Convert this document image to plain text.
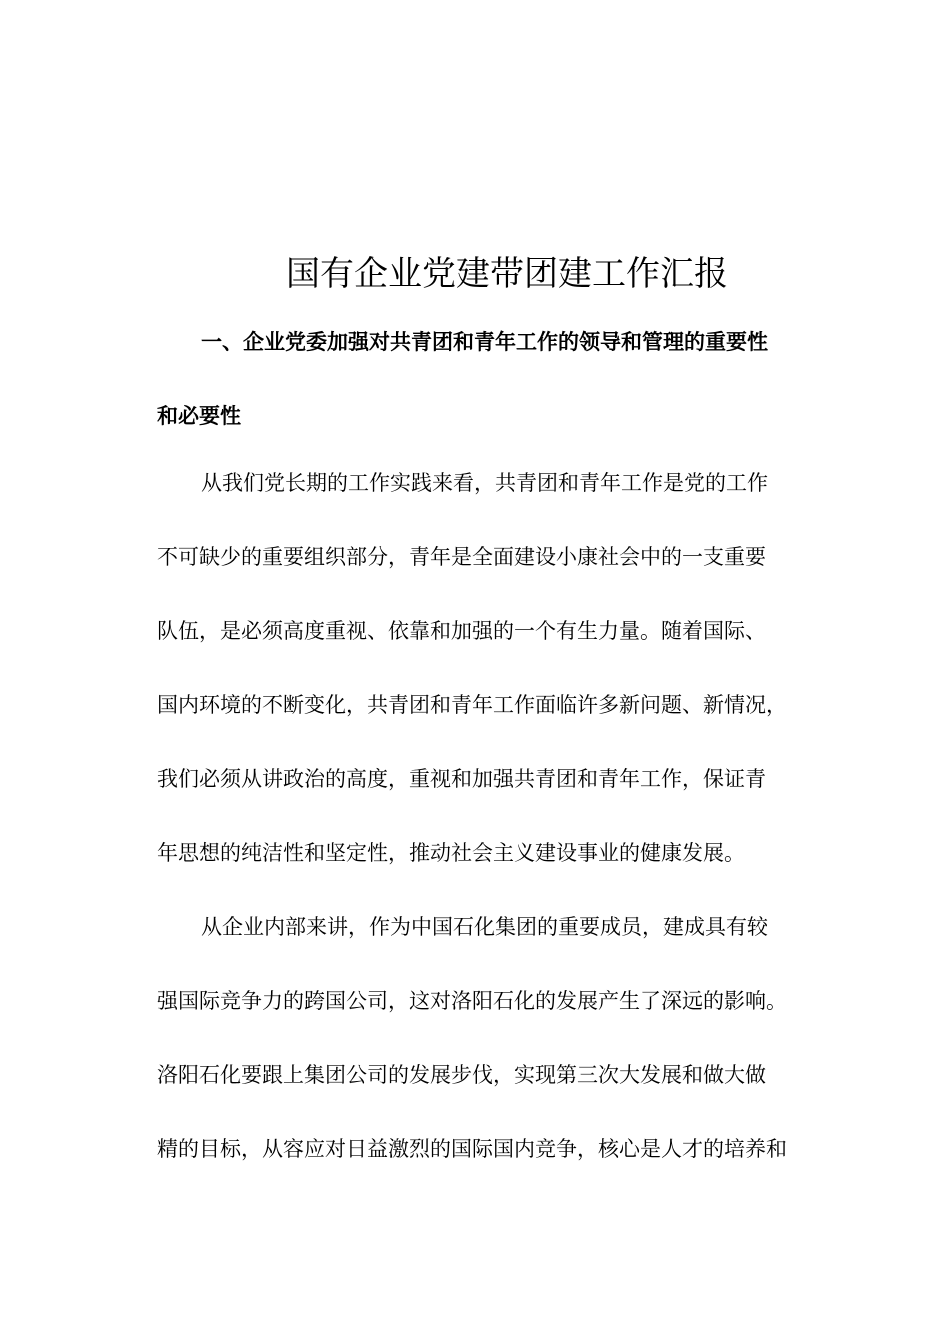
国有企业党建带团建工作汇报
一、企业党委加强对共青团和青年工作的领导和管理的重要性
和必要性
从我们党长期的工作实践来看，共青团和青年工作是党的工作
不可缺少的重要组织部分，青年是全面建设小康社会中的一支重要
队伍，是必须高度重视、依靠和加强的一个有生力量。随着国际、
国内环境的不断变化，共青团和青年工作面临许多新问题、新情况，
我们必须从讲政治的高度，重视和加强共青团和青年工作，保证青
年思想的纯洁性和坚定性，推动社会主义建设事业的健康发展。
从企业内部来讲，作为中国石化集团的重要成员，建成具有较
强国际竞争力的跨国公司，这对洛阳石化的发展产生了深远的影响。
洛阳石化要跟上集团公司的发展步伐，实现第三次大发展和做大做
精的目标，从容应对日益激烈的国际国内竞争，核心是人才的培养和
